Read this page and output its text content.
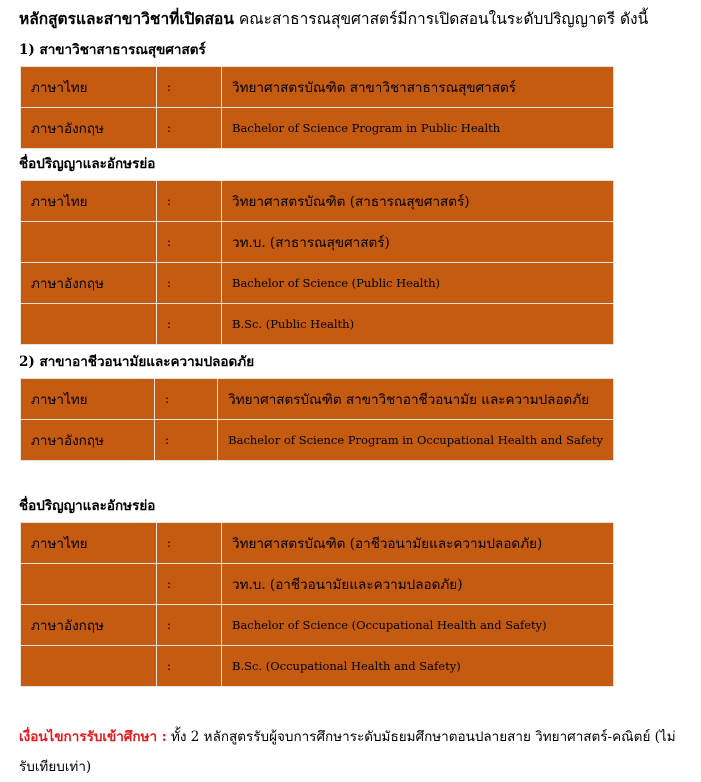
หลักสูตรและสาขาวิชาที่เปิดสอน คณะสาธารณสุขศาสตร์มีการเปิดสอนในระดับปริญญาตรี ดังนี้
1) สาขาวิชาสาธารณสุขศาสตร์
ภาษาไทย	:	วิทยาศาสตรบัณฑิต สาขาวิชาสาธารณสุขศาสตร์
ภาษาอังกฤษ	:	Bachelor of Science Program in Public Health
ชื่อปริญญาและอักษรย่อ
ภาษาไทย	:	วิทยาศาสตรบัณฑิต (สาธารณสุขศาสตร์)
	:	วท.บ. (สาธารณสุขศาสตร์)
ภาษาอังกฤษ	:	Bachelor of Science (Public Health)
	:	B.Sc. (Public Health)
2) สาขาอาชีวอนามัยและความปลอดภัย
ภาษาไทย	:	วิทยาศาสตรบัณฑิต สาขาวิชาอาชีวอนามัย และความปลอดภัย
ภาษาอังกฤษ	:	Bachelor of Science Program in Occupational Health and Safety
ชื่อปริญญาและอักษรย่อ
ภาษาไทย	:	วิทยาศาสตรบัณฑิต (อาชีวอนามัยและความปลอดภัย)
	:	วท.บ. (อาชีวอนามัยและความปลอดภัย)
ภาษาอังกฤษ	:	Bachelor of Science (Occupational Health and Safety)
	:	B.Sc. (Occupational Health and Safety)
เงื่อนไขการรับเข้าศึกษา : ทั้ง 2 หลักสูตรรับผู้จบการศึกษาระดับมัธยมศึกษาตอนปลายสาย วิทยาศาสตร์-คณิตย์ (ไม่รับเทียบเท่า)
